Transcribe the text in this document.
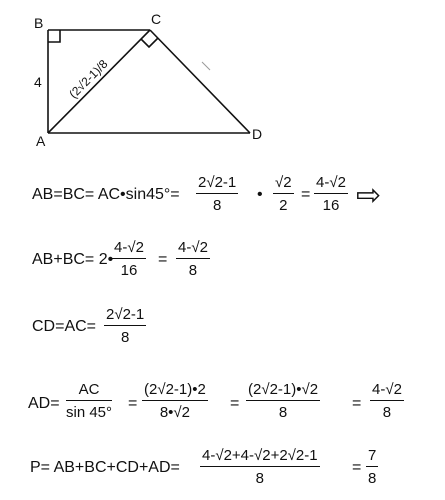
B	C
A	D
4 (2√2-1)/8
AB=BC= AC•sin45°= $\frac{2√2-1}{8}$ • $\frac{√2}{2} = \frac{4-√2}{16}$ ⇨
AB+BC= 2•
$\frac{4-√2}{16} = \frac{4-√2}{8}$
$CD=AC= \frac{2√2-1}{8}$
$AD= \frac{AC}{\sin 45^\circ} = \frac{(2√2-1)•2}{8•√2} = \frac{(2√2-1)•√2}{8} = \frac{4-√2}{8}$
$P= AB+BC+CD+AD= \frac{4-√2+4-√2+2√2-1}{8} = \frac{7}{8}$
